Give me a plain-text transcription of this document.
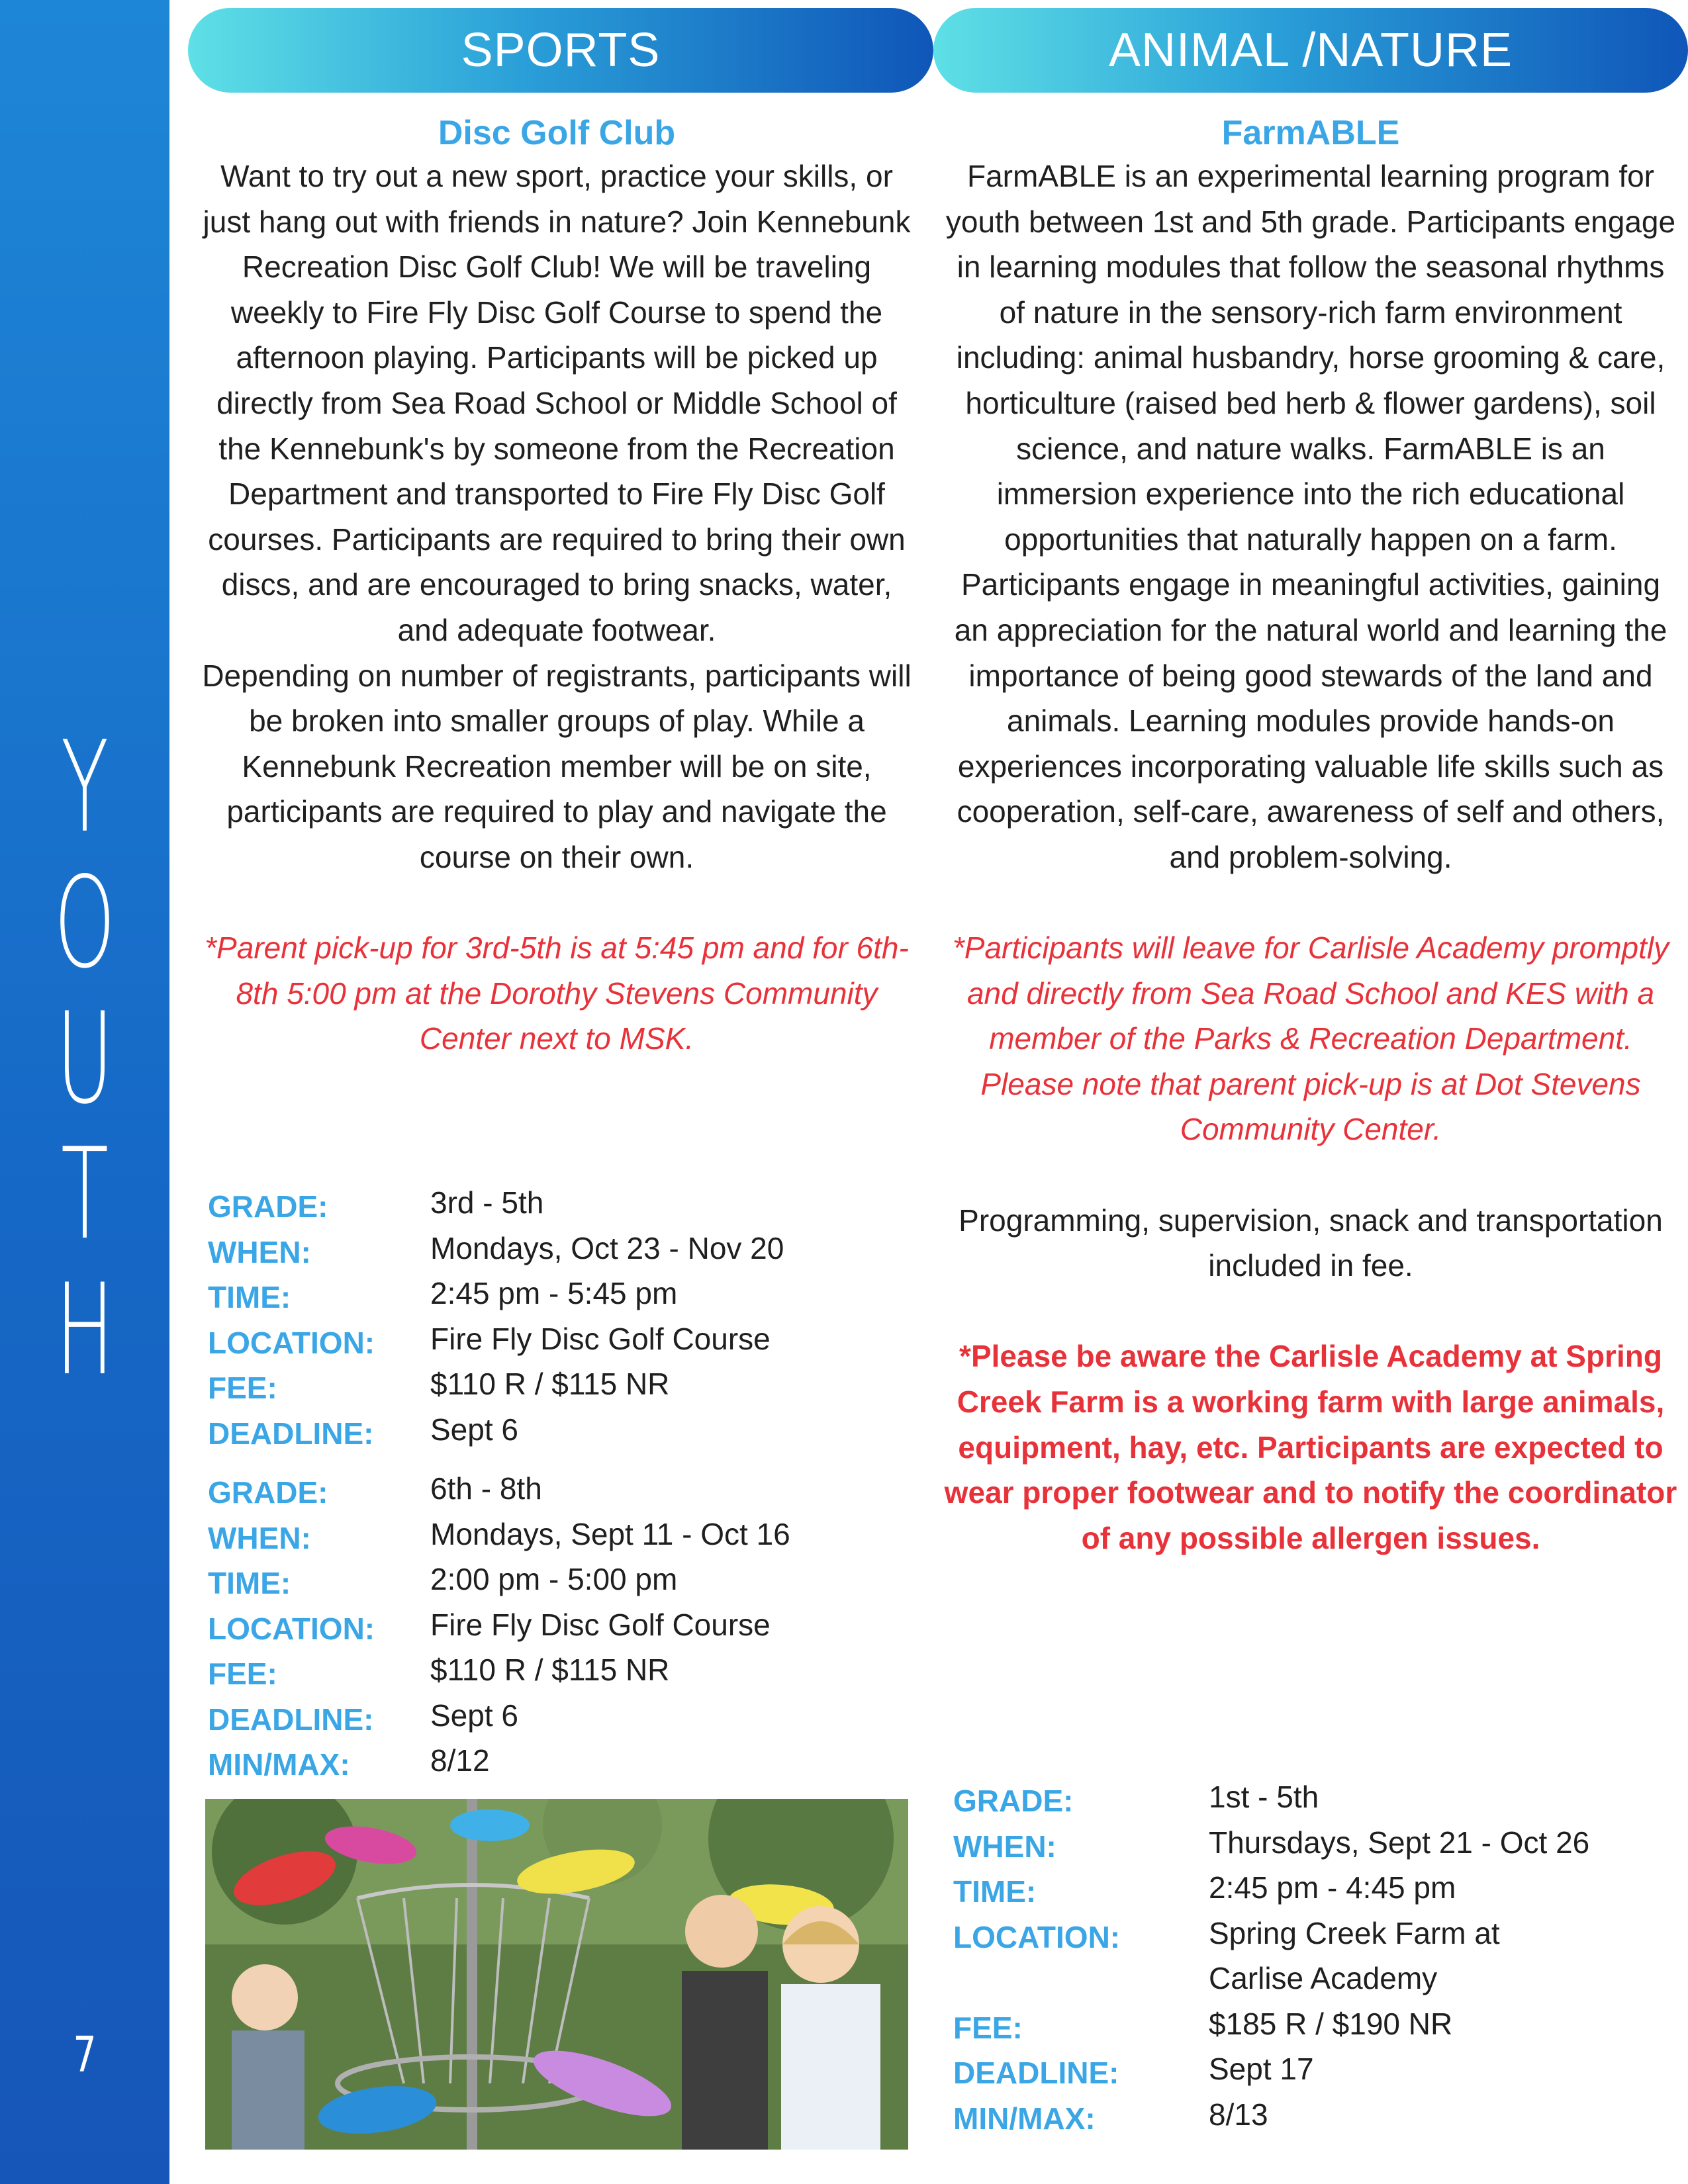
Y
O
U
T
H
7
SPORTS	ANIMAL /NATURE

Disc Golf Club

Want to try out a new sport, practice your skills, or just hang out with friends in nature? Join Kennebunk Recreation Disc Golf Club! We will be traveling weekly to Fire Fly Disc Golf Course to spend the afternoon playing. Participants will be picked up directly from Sea Road School or Middle School of the Kennebunk's by someone from the Recreation Department and transported to Fire Fly Disc Golf courses. Participants are required to bring their own discs, and are encouraged to bring snacks, water, and adequate footwear.

Depending on number of registrants, participants will be broken into smaller groups of play. While a Kennebunk Recreation member will be on site, participants are required to play and navigate the course on their own.

*Parent pick-up for 3rd-5th is at 5:45 pm and for 6th-8th 5:00 pm at the Dorothy Stevens Community Center next to MSK.

GRADE:	3rd - 5th
WHEN:	Mondays, Oct 23 - Nov 20
TIME:	2:45 pm - 5:45 pm
LOCATION: Fire Fly Disc Golf Course
FEE:	$110 R / $115 NR
DEADLINE: Sept 6
GRADE:	6th - 8th
WHEN:	Mondays, Sept 11 - Oct 16
TIME:	2:00 pm - 5:00 pm
LOCATION: Fire Fly Disc Golf Course
FEE:	$110 R / $115 NR
DEADLINE: Sept 6
MIN/MAX:	8/12

FarmABLE

FarmABLE is an experimental learning program for youth between 1st and 5th grade. Participants engage in learning modules that follow the seasonal rhythms of nature in the sensory-rich farm environment including: animal husbandry, horse grooming & care, horticulture (raised bed herb & flower gardens), soil science, and nature walks. FarmABLE is an immersion experience into the rich educational opportunities that naturally happen on a farm. Participants engage in meaningful activities, gaining an appreciation for the natural world and learning the importance of being good stewards of the land and animals. Learning modules provide hands-on experiences incorporating valuable life skills such as cooperation, self-care, awareness of self and others, and problem-solving.

*Participants will leave for Carlisle Academy promptly and directly from Sea Road School and KES with a member of the Parks & Recreation Department. Please note that parent pick-up is at Dot Stevens Community Center.

Programming, supervision, snack and transportation included in fee.

*Please be aware the Carlisle Academy at Spring Creek Farm is a working farm with large animals, equipment, hay, etc. Participants are expected to wear proper footwear and to notify the coordinator of any possible allergen issues.

GRADE:	1st - 5th
WHEN:	Thursdays, Sept 21 - Oct 26
TIME:	2:45 pm - 4:45 pm
LOCATION:	Spring Creek Farm at
Carlise Academy
FEE:	$185 R / $190 NR
DEADLINE:	Sept 17
MIN/MAX:	8/13
